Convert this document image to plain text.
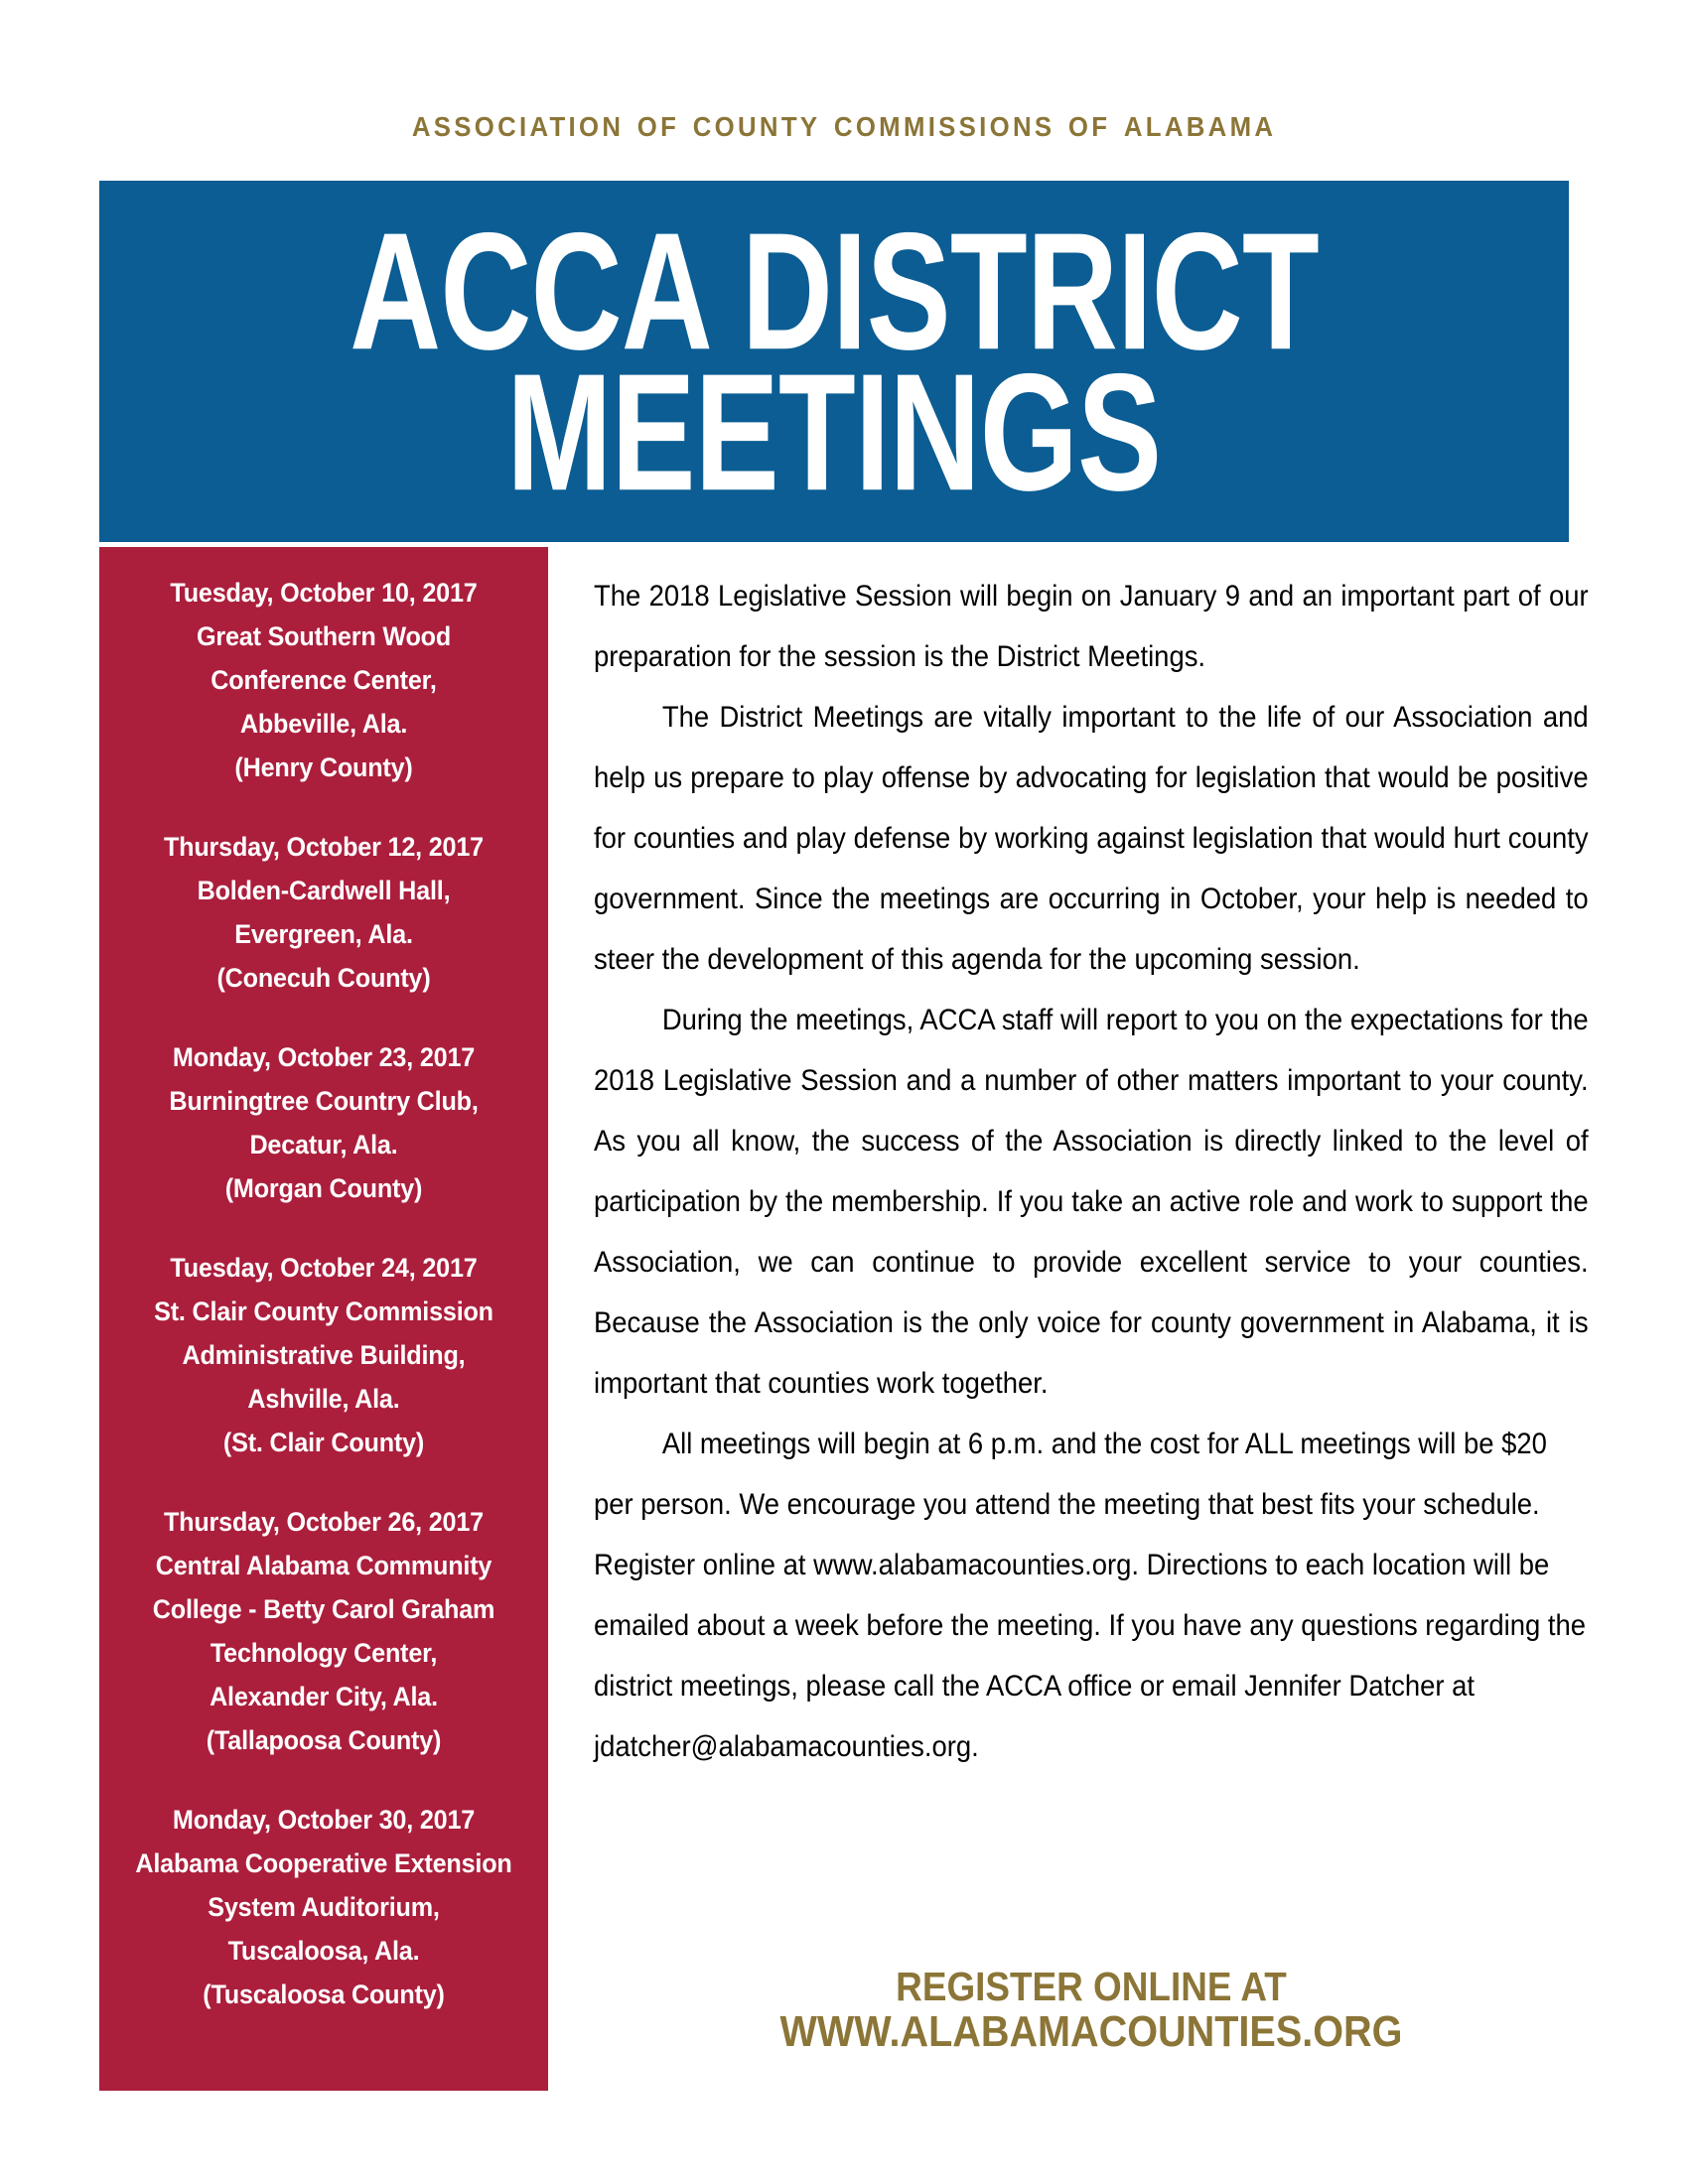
association of county commissions of alabama
ACCA DISTRICT
MEETINGS
Tuesday, October 10, 2017
Great Southern Wood
Conference Center,
Abbeville, Ala.
(Henry County)
Thursday, October 12, 2017
Bolden-Cardwell Hall,
Evergreen, Ala.
(Conecuh County)
Monday, October 23, 2017
Burningtree Country Club,
Decatur, Ala.
(Morgan County)
Tuesday, October 24, 2017
St. Clair County Commission
Administrative Building,
Ashville, Ala.
(St. Clair County)
Thursday, October 26, 2017
Central Alabama Community
College - Betty Carol Graham
Technology Center,
Alexander City, Ala.
(Tallapoosa County)
Monday, October 30, 2017
Alabama Cooperative Extension
System Auditorium,
Tuscaloosa, Ala.
(Tuscaloosa County)

The 2018 Legislative Session will begin on January 9 and an important part of our preparation for the session is the District Meetings.

The District Meetings are vitally important to the life of our Association and help us prepare to play offense by advocating for legislation that would be positive for counties and play defense by working against legislation that would hurt county government. Since the meetings are occurring in October, your help is needed to steer the development of this agenda for the upcoming session.

During the meetings, ACCA staff will report to you on the expectations for the 2018 Legislative Session and a number of other matters important to your county. As you all know, the success of the Association is directly linked to the level of participation by the membership. If you take an active role and work to support the Association, we can continue to provide excellent service to your counties. Because the Association is the only voice for county government in Alabama, it is important that counties work together.

All meetings will begin at 6 p.m. and the cost for ALL meetings will be $20 per person. We encourage you attend the meeting that best fits your schedule. Register online at www.alabamacounties.org. Directions to each location will be emailed about a week before the meeting. If you have any questions regarding the district meetings, please call the ACCA office or email Jennifer Datcher at jdatcher@alabamacounties.org.

REGISTER ONLINE AT
WWW.ALABAMACOUNTIES.ORG
